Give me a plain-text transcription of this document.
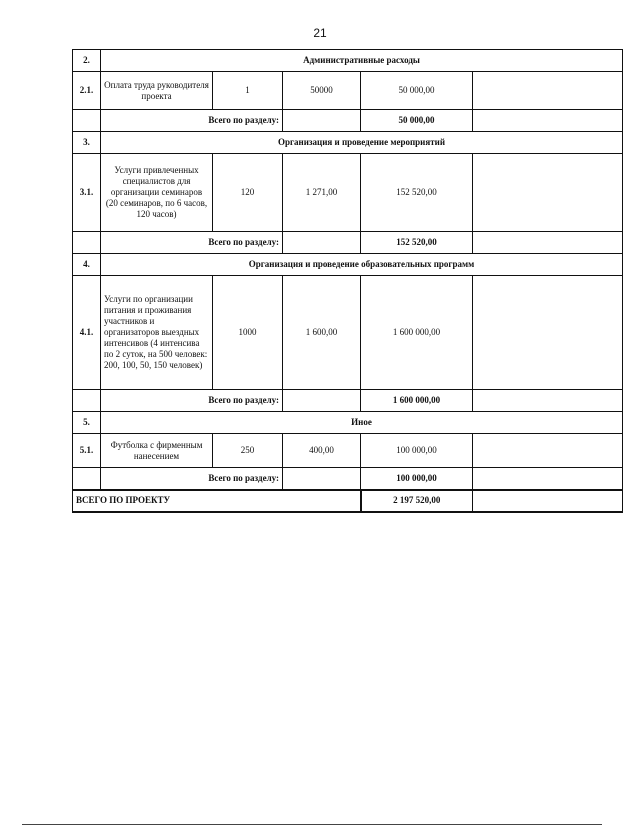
21
2.	Административные расходы				
2.1.	Оплата труда руководителя проекта	1	50000	50 000,00	
	Всего по разделу:			50 000,00	
3.	Организация и проведение мероприятий				
3.1.	Услуги привлеченных специалистов для организации семинаров (20 семинаров, по 6 часов, 120 часов)	120	1 271,00	152 520,00	
	Всего по разделу:			152 520,00	
4.	Организация и проведение образовательных программ				
4.1.	Услуги по организации питания и проживания участников и организаторов выездных интенсивов (4 интенсива по 2 суток, на 500 человек: 200, 100, 50, 150 человек)	1000	1 600,00	1 600 000,00	
	Всего по разделу:			1 600 000,00	
5.	Иное				
5.1.	Футболка с фирменным нанесением	250	400,00	100 000,00	
	Всего по разделу:			100 000,00	
ВСЕГО ПО ПРОЕКТУ				2 197 520,00	
